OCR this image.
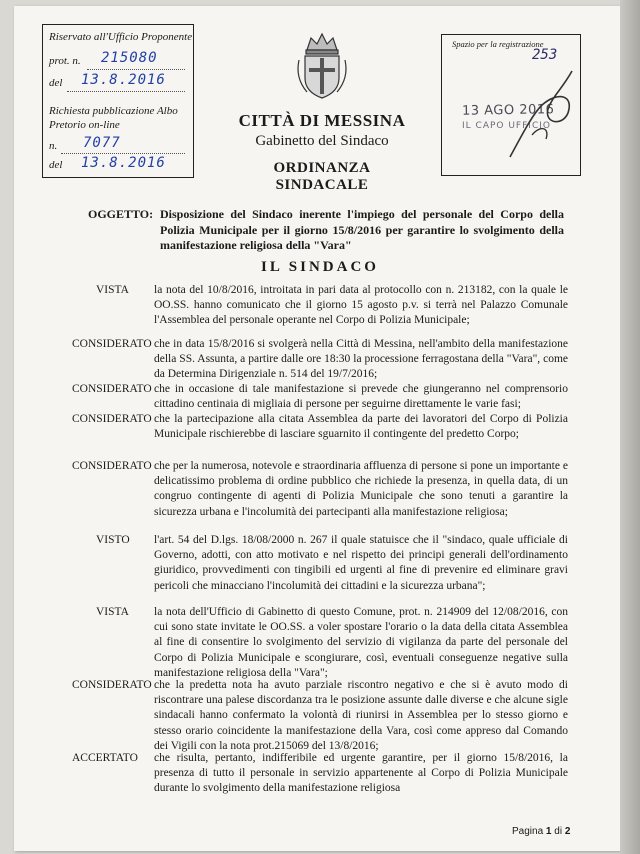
Riservato all'Ufficio Proponente
prot. n. 215080
del 13.8.2016
Richiesta pubblicazione Albo
Pretorio on-line
n. 7077
del 13.8.2016
CITTÀ DI MESSINA
Gabinetto del Sindaco
ORDINANZA SINDACALE
Spazio per la registrazione
253
13 AGO 2016
IL CAPO UFFICIO
OGGETTO: Disposizione del Sindaco inerente l'impiego del personale del Corpo della Polizia Municipale per il giorno 15/8/2016 per garantire lo svolgimento della manifestazione religiosa della "Vara"
IL SINDACO
VISTA la nota del 10/8/2016, introitata in pari data al protocollo con n. 213182, con la quale le OO.SS. hanno comunicato che il giorno 15 agosto p.v. si terrà nel Palazzo Comunale l'Assemblea del personale operante nel Corpo di Polizia Municipale;
CONSIDERATO che in data 15/8/2016 si svolgerà nella Città di Messina, nell'ambito della manifestazione della SS. Assunta, a partire dalle ore 18:30 la processione ferragostana della "Vara", come da Determina Dirigenziale n. 514 del 19/7/2016;
CONSIDERATO che in occasione di tale manifestazione si prevede che giungeranno nel comprensorio cittadino centinaia di migliaia di persone per seguirne direttamente le varie fasi;
CONSIDERATO che la partecipazione alla citata Assemblea da parte dei lavoratori del Corpo di Polizia Municipale rischierebbe di lasciare sguarnito il contingente del predetto Corpo;
CONSIDERATO che per la numerosa, notevole e straordinaria affluenza di persone si pone un importante e delicatissimo problema di ordine pubblico che richiede la presenza, in quella data, di un congruo contingente di agenti di Polizia Municipale che sono tenuti a garantire la sicurezza urbana e l'incolumità dei partecipanti alla manifestazione religiosa;
VISTO l'art. 54 del D.lgs. 18/08/2000 n. 267 il quale statuisce che il "sindaco, quale ufficiale di Governo, adotti, con atto motivato e nel rispetto dei principi generali dell'ordinamento giuridico, provvedimenti con tingibili ed urgenti al fine di prevenire ed eliminare gravi pericoli che minacciano l'incolumità dei cittadini e la sicurezza urbana";
VISTA la nota dell'Ufficio di Gabinetto di questo Comune, prot. n. 214909 del 12/08/2016, con cui sono state invitate le OO.SS. a voler spostare l'orario o la data della citata Assemblea al fine di consentire lo svolgimento del servizio di vigilanza da parte del personale del Corpo di Polizia Municipale e scongiurare, così, eventuali conseguenze negative sulla manifestazione religiosa della "Vara";
CONSIDERATO che la predetta nota ha avuto parziale riscontro negativo e che si è avuto modo di riscontrare una palese discordanza tra le posizione assunte dalle diverse e che alcune sigle sindacali hanno confermato la volontà di riunirsi in Assemblea per lo stesso giorno e stesso orario coincidente la manifestazione della Vara, così come appreso dal Comando dei Vigili con la nota prot.215069 del 13/8/2016;
ACCERTATO che risulta, pertanto, indifferibile ed urgente garantire, per il giorno 15/8/2016, la presenza di tutto il personale in servizio appartenente al Corpo di Polizia Municipale durante lo svolgimento della manifestazione religiosa
Pagina 1 di 2
